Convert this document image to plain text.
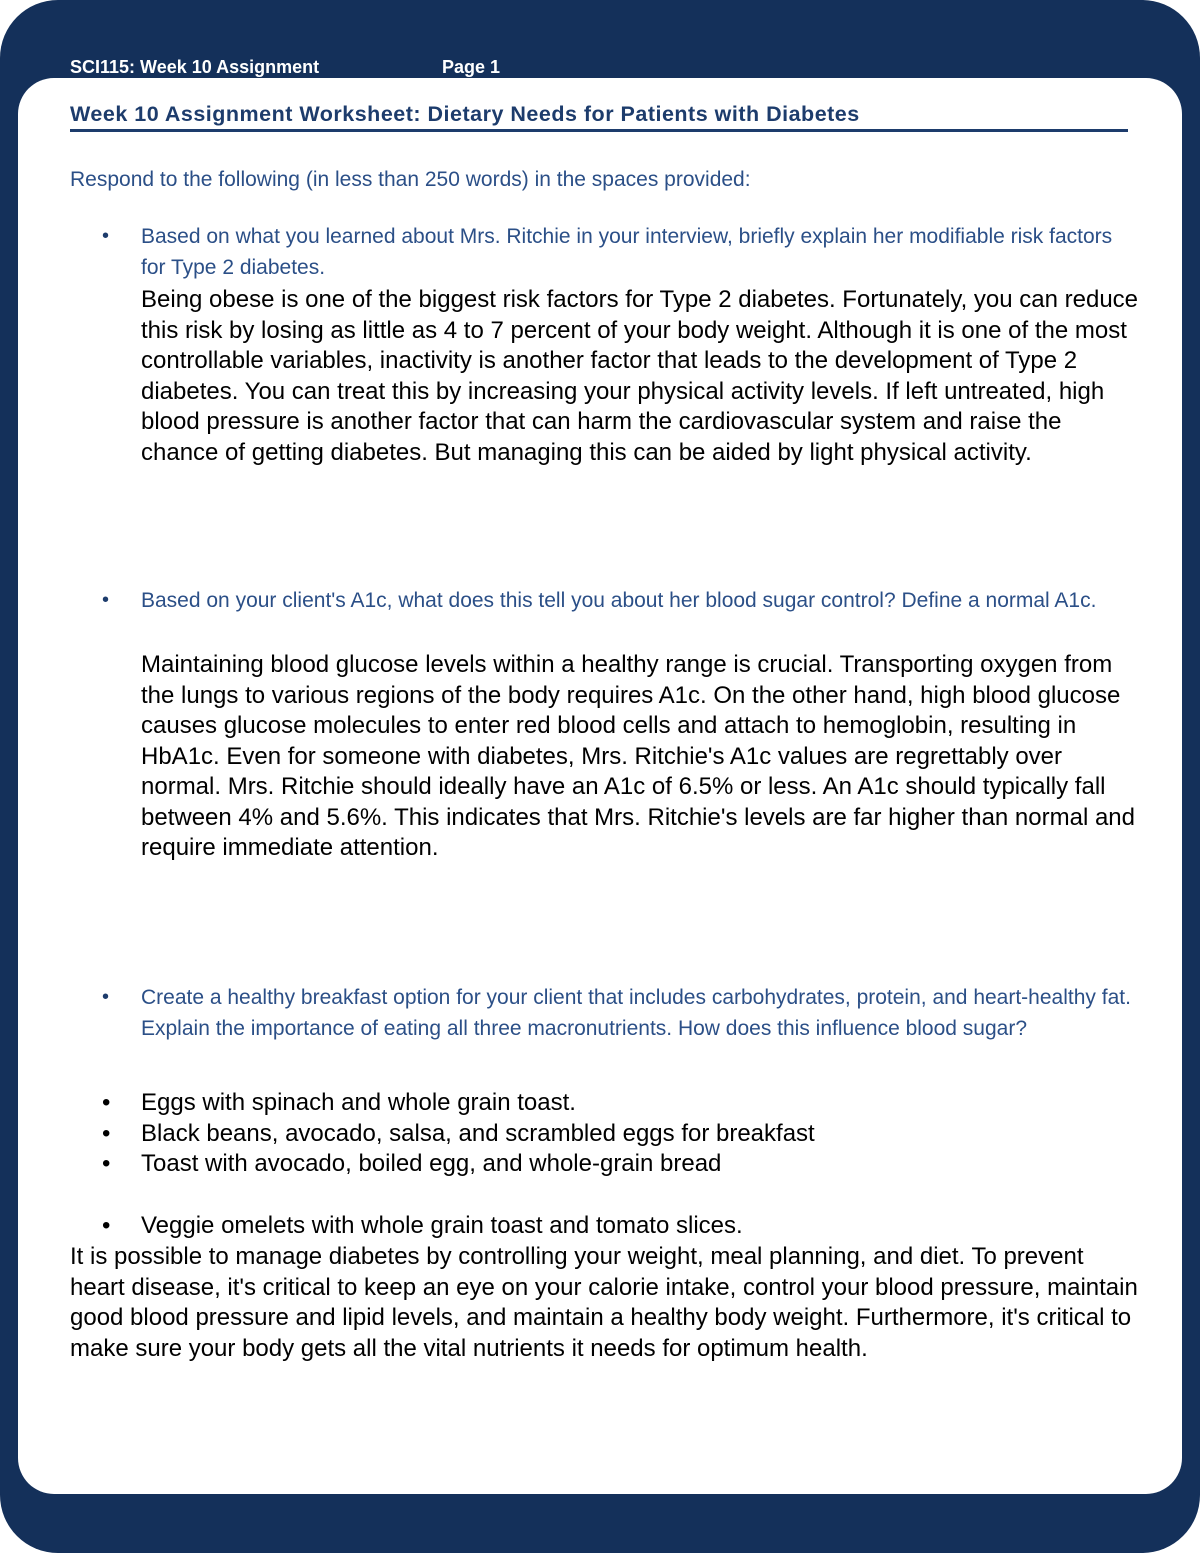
SCI115: Week 10 Assignment	Page 1
Week 10 Assignment Worksheet: Dietary Needs for Patients with Diabetes
Respond to the following (in less than 250 words) in the spaces provided:
• Based on what you learned about Mrs. Ritchie in your interview, briefly explain her modifiable risk factors for Type 2 diabetes.
Being obese is one of the biggest risk factors for Type 2 diabetes. Fortunately, you can reduce this risk by losing as little as 4 to 7 percent of your body weight. Although it is one of the most controllable variables, inactivity is another factor that leads to the development of Type 2 diabetes. You can treat this by increasing your physical activity levels. If left untreated, high blood pressure is another factor that can harm the cardiovascular system and raise the chance of getting diabetes. But managing this can be aided by light physical activity.
• Based on your client's A1c, what does this tell you about her blood sugar control? Define a normal A1c.
Maintaining blood glucose levels within a healthy range is crucial. Transporting oxygen from the lungs to various regions of the body requires A1c. On the other hand, high blood glucose causes glucose molecules to enter red blood cells and attach to hemoglobin, resulting in HbA1c. Even for someone with diabetes, Mrs. Ritchie's A1c values are regrettably over normal. Mrs. Ritchie should ideally have an A1c of 6.5% or less. An A1c should typically fall between 4% and 5.6%. This indicates that Mrs. Ritchie's levels are far higher than normal and require immediate attention.
• Create a healthy breakfast option for your client that includes carbohydrates, protein, and heart-healthy fat. Explain the importance of eating all three macronutrients. How does this influence blood sugar?
• Eggs with spinach and whole grain toast.
• Black beans, avocado, salsa, and scrambled eggs for breakfast
• Toast with avocado, boiled egg, and whole-grain bread
• Veggie omelets with whole grain toast and tomato slices.
It is possible to manage diabetes by controlling your weight, meal planning, and diet. To prevent heart disease, it's critical to keep an eye on your calorie intake, control your blood pressure, maintain good blood pressure and lipid levels, and maintain a healthy body weight. Furthermore, it's critical to make sure your body gets all the vital nutrients it needs for optimum health.
